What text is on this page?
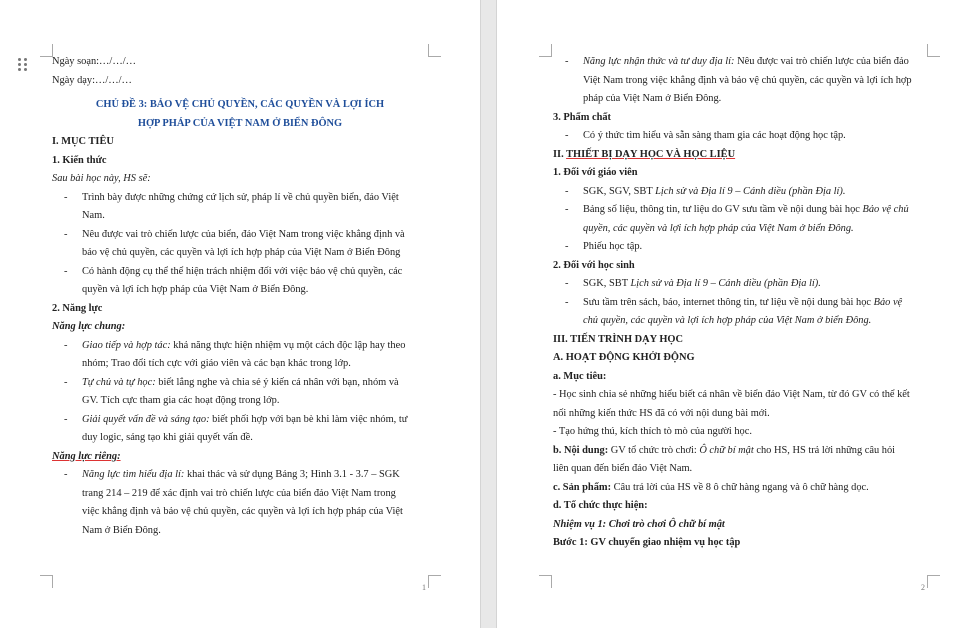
Ngày soạn:…/…/…
Ngày dạy:…/…/…
CHỦ ĐỀ 3: BẢO VỆ CHỦ QUYỀN, CÁC QUYỀN VÀ LỢI ÍCH
HỢP PHÁP CỦA VIỆT NAM Ở BIỂN ĐÔNG
I. MỤC TIÊU
1. Kiến thức
Sau bài học này, HS sẽ:
- Trình bày được những chứng cứ lịch sử, pháp lí về chủ quyền biển, đảo Việt
Nam.
- Nêu được vai trò chiến lược của biển, đảo Việt Nam trong việc khẳng định và
bảo vệ chủ quyền, các quyền và lợi ích hợp pháp của Việt Nam ở Biển Đông
- Có hành động cụ thể thể hiện trách nhiệm đối với việc bảo vệ chủ quyền, các
quyền và lợi ích hợp pháp của Việt Nam ở Biển Đông.
2. Năng lực
Năng lực chung:
- Giao tiếp và hợp tác: khả năng thực hiện nhiệm vụ một cách độc lập hay theo
nhóm; Trao đổi tích cực với giáo viên và các bạn khác trong lớp.
- Tự chủ và tự học: biết lắng nghe và chia sẻ ý kiến cá nhân với bạn, nhóm và
GV. Tích cực tham gia các hoạt động trong lớp.
- Giải quyết vấn đề và sáng tạo: biết phối hợp với bạn bè khi làm việc nhóm, tư
duy logic, sáng tạo khi giải quyết vấn đề.
Năng lực riêng:
- Năng lực tìm hiểu địa lí: khai thác và sử dụng Bảng 3; Hình 3.1 - 3.7 – SGK
trang 214 – 219 để xác định vai trò chiến lược của biển đảo Việt Nam trong
việc khẳng định và bảo vệ chủ quyền, các quyền và lợi ích hợp pháp của Việt
Nam ở Biển Đông.
1
- Năng lực nhận thức và tư duy địa lí: Nêu được vai trò chiến lược của biển đảo
Việt Nam trong việc khẳng định và bảo vệ chủ quyền, các quyền và lợi ích hợp
pháp của Việt Nam ở Biển Đông.
3. Phẩm chất
- Có ý thức tìm hiểu và sẵn sàng tham gia các hoạt động học tập.
II. THIẾT BỊ DẠY HỌC VÀ HỌC LIỆU
1. Đối với giáo viên
- SGK, SGV, SBT Lịch sử và Địa lí 9 – Cánh diều (phần Địa lí).
- Bảng số liệu, thông tin, tư liệu do GV sưu tầm về nội dung bài học Bảo vệ chủ
quyền, các quyền và lợi ích hợp pháp của Việt Nam ở biển Đông.
- Phiếu học tập.
2. Đối với học sinh
- SGK, SBT Lịch sử và Địa lí 9 – Cánh diều (phần Địa lí).
- Sưu tầm trên sách, báo, internet thông tin, tư liệu về nội dung bài học Bảo vệ
chủ quyền, các quyền và lợi ích hợp pháp của Việt Nam ở biển Đông.
III. TIẾN TRÌNH DẠY HỌC
A. HOẠT ĐỘNG KHỞI ĐỘNG
a. Mục tiêu:
- Học sinh chia sẻ những hiểu biết cá nhân về biển đảo Việt Nam, từ đó GV có thể kết
nối những kiến thức HS đã có với nội dung bài mới.
- Tạo hứng thú, kích thích tò mò của người học.
b. Nội dung: GV tổ chức trò chơi: Ô chữ bí mật cho HS, HS trả lời những câu hỏi
liên quan đến biển đảo Việt Nam.
c. Sản phẩm: Câu trả lời của HS về 8 ô chữ hàng ngang và ô chữ hàng dọc.
d. Tổ chức thực hiện:
Nhiệm vụ 1: Chơi trò chơi Ô chữ bí mật
Bước 1: GV chuyển giao nhiệm vụ học tập
2
